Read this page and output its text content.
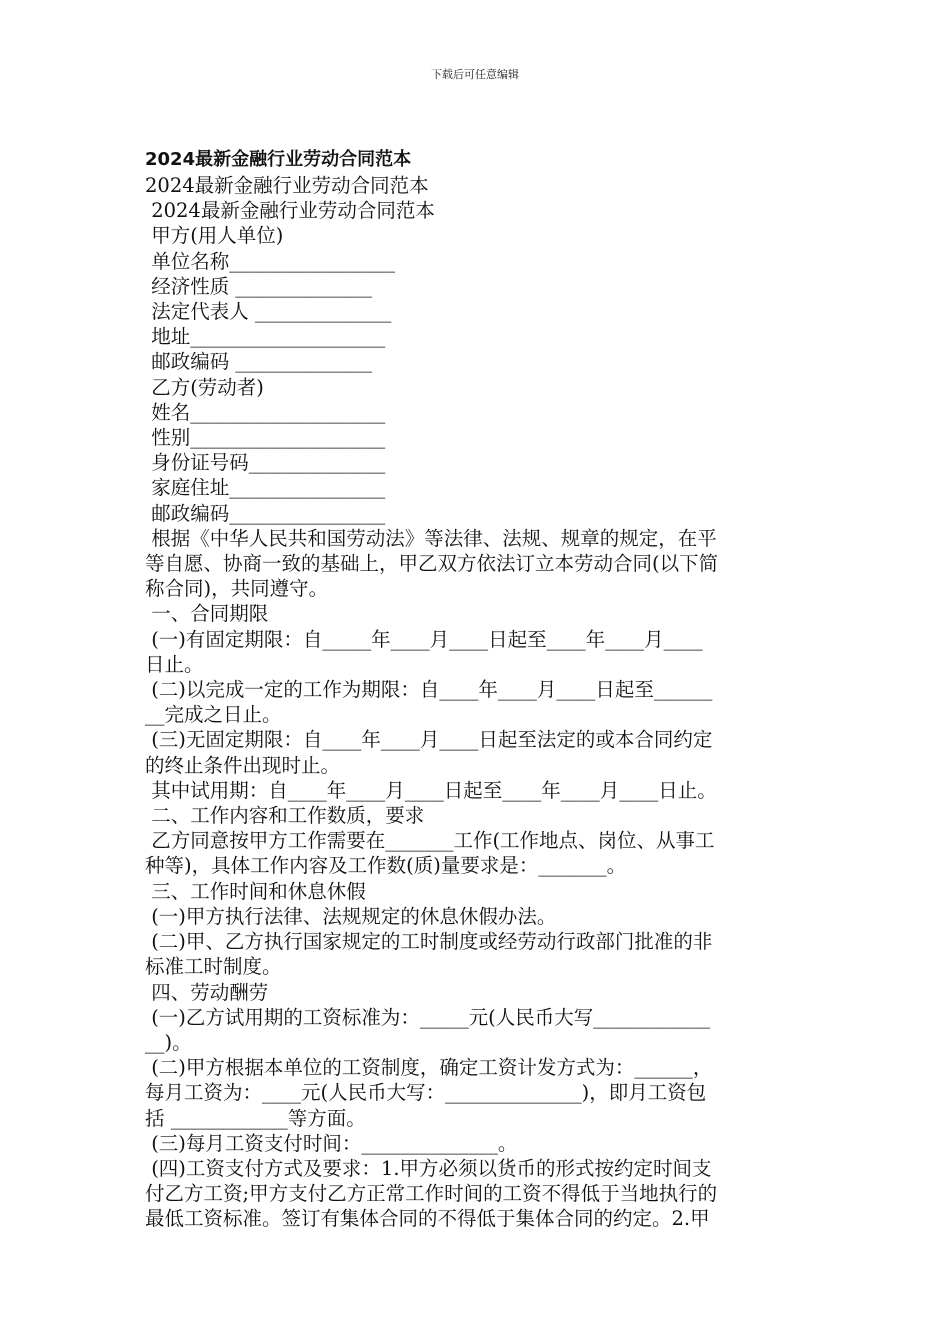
下载后可任意编辑
2024最新金融行业劳动合同范本
2024最新金融行业劳动合同范本
2024最新金融行业劳动合同范本
甲方(用人单位)
单位名称_________________
经济性质 ______________
法定代表人 ______________
地址____________________
邮政编码 ______________
乙方(劳动者)
姓名____________________
性别____________________
身份证号码______________
家庭住址________________
邮政编码________________
根据《中华人民共和国劳动法》等法律、法规、规章的规定，在平
等自愿、协商一致的基础上，甲乙双方依法订立本劳动合同(以下简
称合同)，共同遵守。
一、合同期限
(一)有固定期限：自_____年____月____日起至____年____月____
日止。
(二)以完成一定的工作为期限：自____年____月____日起至______
__完成之日止。
(三)无固定期限：自____年____月____日起至法定的或本合同约定
的终止条件出现时止。
其中试用期：自____年____月____日起至____年____月____日止。
二、工作内容和工作数质，要求
乙方同意按甲方工作需要在_______工作(工作地点、岗位、从事工
种等)，具体工作内容及工作数(质)量要求是：_______。
三、工作时间和休息休假
(一)甲方执行法律、法规规定的休息休假办法。
(二)甲、乙方执行国家规定的工时制度或经劳动行政部门批准的非
标准工时制度。
四、劳动酬劳
(一)乙方试用期的工资标准为：_____元(人民币大写____________
__)。
(二)甲方根据本单位的工资制度，确定工资计发方式为：______，
每月工资为：____元(人民币大写：______________)，即月工资包
括 ____________等方面。
(三)每月工资支付时间：______________。
(四)工资支付方式及要求：1.甲方必须以货币的形式按约定时间支
付乙方工资;甲方支付乙方正常工作时间的工资不得低于当地执行的
最低工资标准。签订有集体合同的不得低于集体合同的约定。2.甲
